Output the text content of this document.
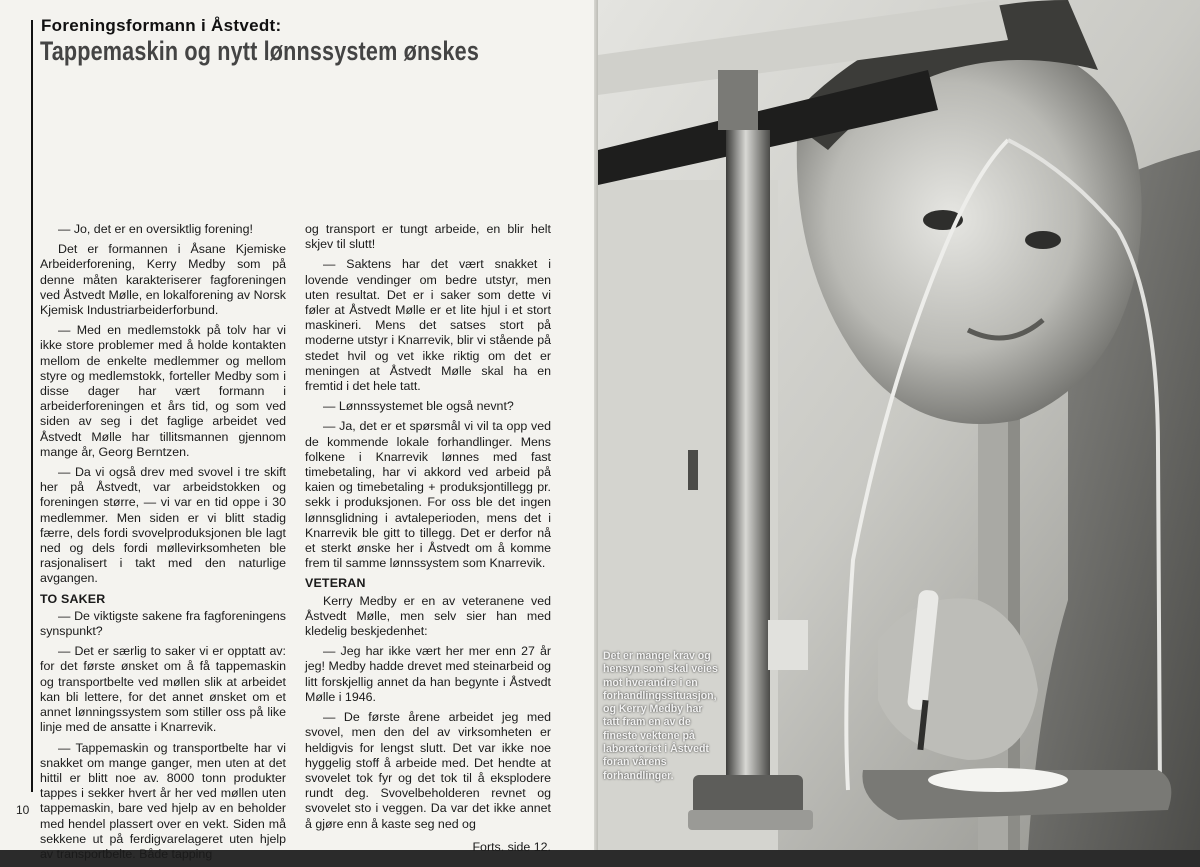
Foreningsformann i Åstvedt:
Tappemaskin og nytt lønnssystem ønskes

— Jo, det er en oversiktlig forening!

Det er formannen i Åsane Kjemiske Arbeiderforening, Kerry Medby som på denne måten karakteriserer fagforeningen ved Åstvedt Mølle, en lokalforening av Norsk Kjemisk Industriarbeiderforbund.

— Med en medlemstokk på tolv har vi ikke store problemer med å holde kontakten mellom de enkelte medlemmer og mellom styre og medlemstokk, forteller Medby som i disse dager har vært formann i arbeiderforeningen et års tid, og som ved siden av seg i det faglige arbeidet ved Åstvedt Mølle har tillitsmannen gjennom mange år, Georg Berntzen.

— Da vi også drev med svovel i tre skift her på Åstvedt, var arbeidstokken og foreningen større, — vi var en tid oppe i 30 medlemmer. Men siden er vi blitt stadig færre, dels fordi svovelproduksjonen ble lagt ned og dels fordi møllevirksomheten ble rasjonalisert i takt med den naturlige avgangen.

TO SAKER

— De viktigste sakene fra fagforeningens synspunkt?

— Det er særlig to saker vi er opptatt av: for det første ønsket om å få tappemaskin og transportbelte ved møllen slik at arbeidet kan bli lettere, for det annet ønsket om et annet lønningssystem som stiller oss på like linje med de ansatte i Knarrevik.

— Tappemaskin og transportbelte har vi snakket om mange ganger, men uten at det hittil er blitt noe av. 8000 tonn produkter tappes i sekker hvert år her ved møllen uten tappemaskin, bare ved hjelp av en beholder med hendel plassert over en vekt. Siden må sekkene ut på ferdigvarelageret uten hjelp av transportbelte. Både tapping

og transport er tungt arbeide, en blir helt skjev til slutt!

— Saktens har det vært snakket i lovende vendinger om bedre utstyr, men uten resultat. Det er i saker som dette vi føler at Åstvedt Mølle er et lite hjul i et stort maskineri. Mens det satses stort på moderne utstyr i Knarrevik, blir vi stående på stedet hvil og vet ikke riktig om det er meningen at Åstvedt Mølle skal ha en fremtid i det hele tatt.

— Lønnssystemet ble også nevnt?

— Ja, det er et spørsmål vi vil ta opp ved de kommende lokale forhandlinger. Mens folkene i Knarrevik lønnes med fast timebetaling, har vi akkord ved arbeid på kaien og timebetaling + produksjontillegg pr. sekk i produksjonen. For oss ble det ingen lønnsglidning i avtaleperioden, mens det i Knarrevik ble gitt to tillegg. Det er derfor nå et sterkt ønske her i Åstvedt om å komme frem til samme lønnssystem som Knarrevik.

VETERAN

Kerry Medby er en av veteranene ved Åstvedt Mølle, men selv sier han med kledelig beskjedenhet:

— Jeg har ikke vært her mer enn 27 år jeg! Medby hadde drevet med steinarbeid og litt forskjellig annet da han begynte i Åstvedt Mølle i 1946.

— De første årene arbeidet jeg med svovel, men den del av virksomheten er heldigvis for lengst slutt. Det var ikke noe hyggelig stoff å arbeide med. Det hendte at svovelet tok fyr og det tok til å eksplodere rundt deg. Svovelbeholderen revnet og svovelet sto i veggen. Da var det ikke annet å gjøre enn å kaste seg ned og

Forts. side 12.

10

Det er mange krav og hensyn som skal veies mot hverandre i en forhandlingssituasjon, og Kerry Medby har tatt fram en av de fineste vektene på laboratoriet i Åstvedt foran vårens forhandlinger.
